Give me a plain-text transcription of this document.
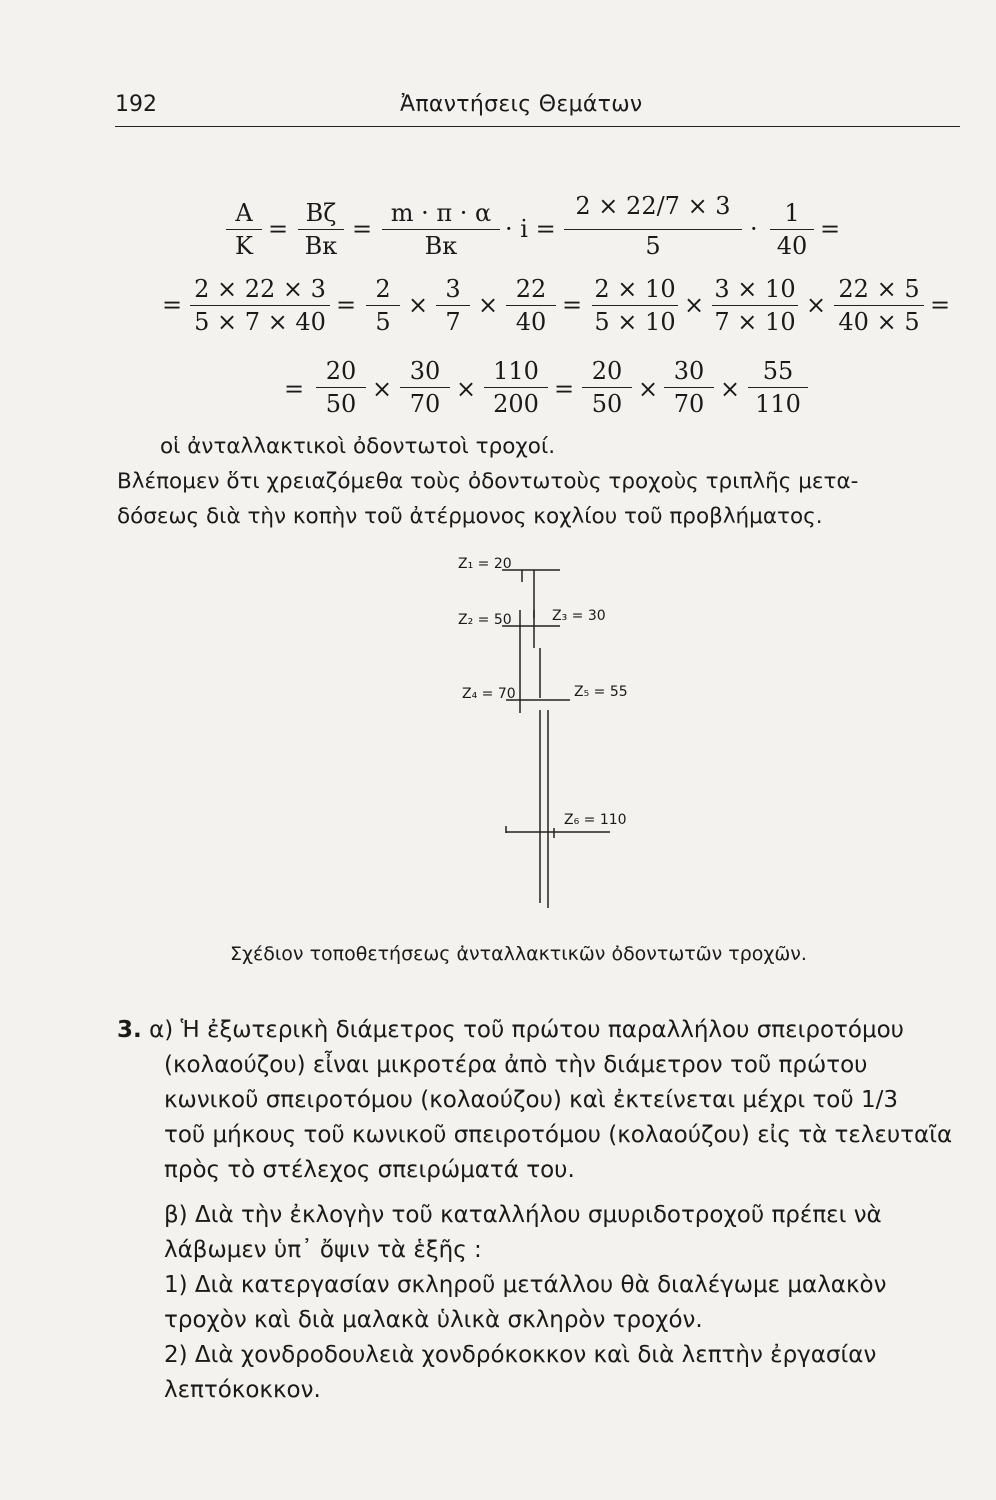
192	Ἀπαντήσεις Θεμάτων
A
K
=
Bζ
Bκ
=
m · π · α
Bκ
· i =
2 × 22/7 × 3
5
·
1
40
=
=
2 × 22 × 3
5 × 7 × 40
=
2
5
×
3
7
×
22
40
=
2 × 10
5 × 10
×
3 × 10
7 × 10
×
22 × 5
40 × 5
=
=
20
50
×
30
70
×
110
200
=
20
50
×
30
70
×
55
110
οἱ ἀνταλλακτικοὶ ὀδοντωτοὶ τροχοί.
Βλέπομεν ὅτι χρειαζόμεθα τοὺς ὀδοντωτοὺς τροχοὺς τριπλῆς μετα-
δόσεως διὰ τὴν κοπὴν τοῦ ἀτέρμονος κοχλίου τοῦ προβλήματος.
Z₁ = 20
Z₂ = 50	Z₃ = 30
Z₄ = 70	Z₅ = 55
Z₆ = 110
Σχέδιον τοποθετήσεως ἀνταλλακτικῶν ὀδοντωτῶν τροχῶν.
3. α) Ἡ ἐξωτερικὴ διάμετρος τοῦ πρώτου παραλλήλου σπειροτόμου
(κολαούζου) εἶναι μικροτέρα ἀπὸ τὴν διάμετρον τοῦ πρώτου
κωνικοῦ σπειροτόμου (κολαούζου) καὶ ἐκτείνεται μέχρι τοῦ 1/3
τοῦ μήκους τοῦ κωνικοῦ σπειροτόμου (κολαούζου) εἰς τὰ τελευταῖα
πρὸς τὸ στέλεχος σπειρώματά του.
β) Διὰ τὴν ἐκλογὴν τοῦ καταλλήλου σμυριδοτροχοῦ πρέπει νὰ
λάβωμεν ὑπ᾽ ὄψιν τὰ ἑξῆς :
1) Διὰ κατεργασίαν σκληροῦ μετάλλου θὰ διαλέγωμε μαλακὸν
τροχὸν καὶ διὰ μαλακὰ ὑλικὰ σκληρὸν τροχόν.
2) Διὰ χονδροδουλειὰ χονδρόκοκκον καὶ διὰ λεπτὴν ἐργασίαν
λεπτόκοκκον.
